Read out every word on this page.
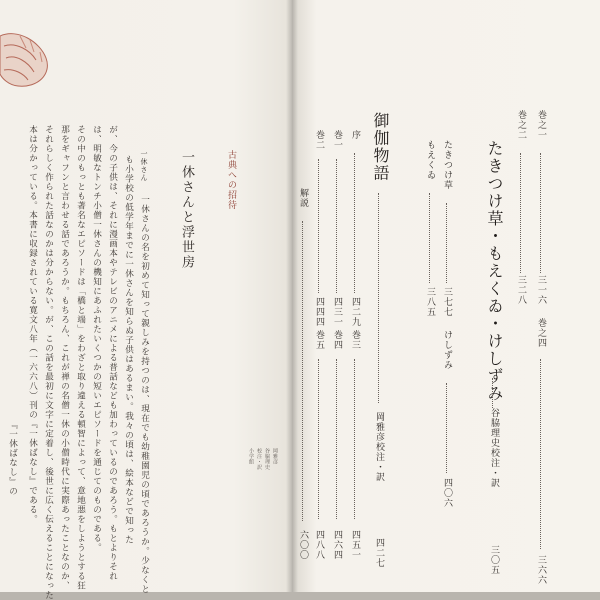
古典への招待
一休さんと浮世房
一休さん
一休さんの名を初めて知って親しみを持つのは、現在でも幼稚園児の頃であろうか。少なくと
も小学校の低学年までに一休さんを知らぬ子供はあるまい。我々の頃は、絵本などで知った
が、今の子供は、それに漫画本やテレビのアニメによる普話なども加わっているのであろう。もとよりそれ
は、明敏なトンチ小僧一休さんの機知にあふれたいくつかの短いエピソードを通じてのものである。
その中のもっとも著名なエピソードは「橋と端」をわざと取り違える頓智によって、意地悪をしようとする狂
那をギャフンと言わせる話であろうか。もちろん、これが禅の名僧一休の小僧時代に実際あったことなのか、
それらしく作られた話なのかは分からない。が、この話を最初に文字に定着し、後世に広く伝えることになった
本は分かっている。本書に収録されている寛文八年（一六六八）刊の『一休ばなし』である。
『一休ばなし』の	岡雅彦
谷脇理史
校注・訳
小学館
たきつけ草・もえくゐ・けしずみ
谷脇理史校注・訳
三〇五
巻之一
三一六
巻之二
三二八
巻之四
三六六
たきつけ草
三七七
もえくゐ
三八五
けしずみ
四〇六
御伽物語
岡雅彦校注・訳
四二七
序
四二九
巻三
四五一
巻一
四三一
巻四
四六四
巻二
四四四
巻五
四八八
解説
六〇〇
